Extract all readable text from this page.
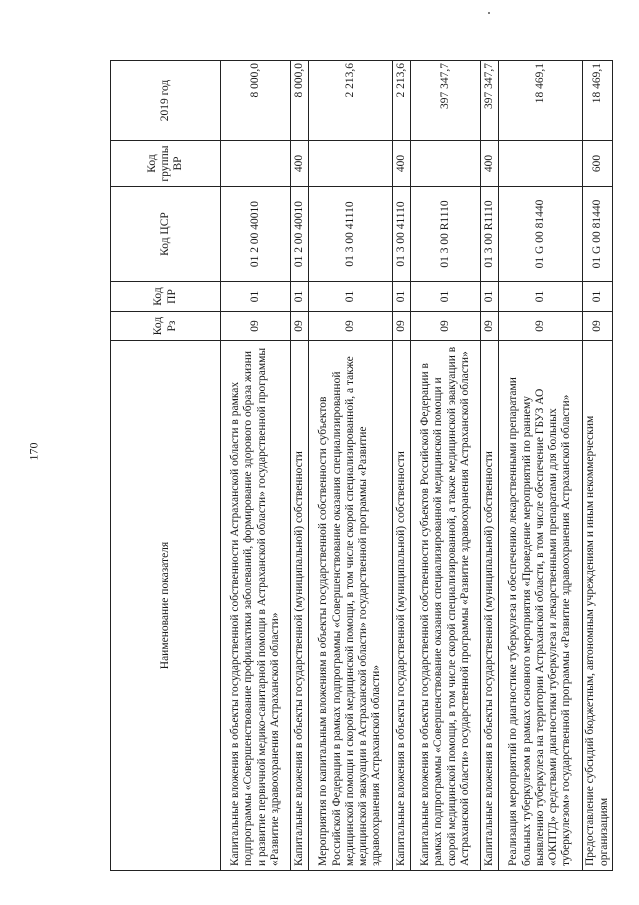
170
Наименование показателя	Код Рз	Код ПР	Код ЦСР	Код группы ВР	2019 год
Капитальные вложения в объекты государственной собственности Астраханской области в рамках подпрограммы «Совершенствование профилактики заболеваний, формирование здорового образа жизни и развитие первичной медико-санитарной помощи в Астраханской области» государственной программы «Развитие здравоохранения Астраханской области»	09	01	01 2 00 40010		8 000,0
Капитальные вложения в объекты государственной (муниципальной) собственности	09	01	01 2 00 40010	400	8 000,0
Мероприятия по капитальным вложениям в объекты государственной собственности субъектов Российской Федерации в рамках подпрограммы «Совершенствование оказания специализированной медицинской помощи и скорой медицинской помощи, в том числе скорой специализированной, а также медицинской эвакуации в Астраханской области» государственной программы «Развитие здравоохранения Астраханской области»	09	01	01 3 00 41110		2 213,6
Капитальные вложения в объекты государственной (муниципальной) собственности	09	01	01 3 00 41110	400	2 213,6
Капитальные вложения в объекты государственной собственности субъектов Российской Федерации в рамках подпрограммы «Совершенствование оказания специализированной медицинской помощи и скорой медицинской помощи, в том числе скорой специализированной, а также медицинской эвакуации в Астраханской области» государственной программы «Развитие здравоохранения Астраханской области»	09	01	01 3 00 R1110		397 347,7
Капитальные вложения в объекты государственной (муниципальной) собственности	09	01	01 3 00 R1110	400	397 347,7
Реализация мероприятий по диагностике туберкулеза и обеспечению лекарственными препаратами больных туберкулезом в рамках основного мероприятия «Проведение мероприятий по раннему выявлению туберкулеза на территории Астраханской области, в том числе обеспечение ГБУЗ АО «ОКПТД» средствами диагностики туберкулеза и лекарственными препаратами для больных туберкулезом» государственной программы «Развитие здравоохранения Астраханской области»	09	01	01 G 00 81440		18 469,1
Предоставление субсидий бюджетным, автономным учреждениям и иным некоммерческим организациям	09	01	01 G 00 81440	600	18 469,1
